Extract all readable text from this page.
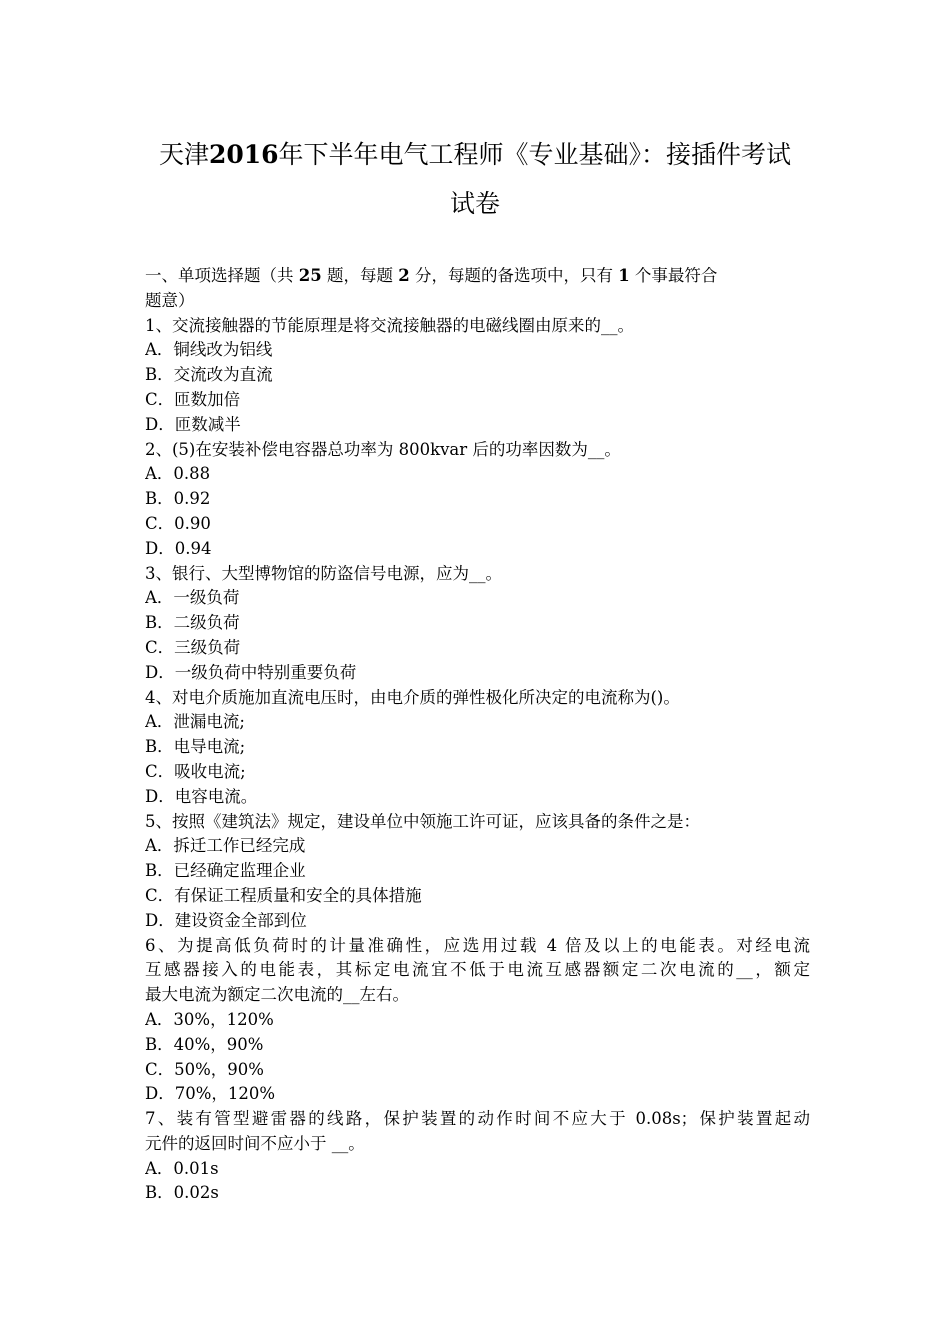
天津2016年下半年电气工程师《专业基础》：接插件考试
试卷
一、单项选择题（共 25 题，每题 2 分，每题的备选项中，只有 1 个事最符合
题意）
1、交流接触器的节能原理是将交流接触器的电磁线圈由原来的__。
A．铜线改为铝线
B．交流改为直流
C．匝数加倍
D．匝数减半
2、(5)在安装补偿电容器总功率为 800kvar 后的功率因数为__。
A．0.88
B．0.92
C．0.90
D．0.94
3、银行、大型博物馆的防盗信号电源，应为__。
A．一级负荷
B．二级负荷
C．三级负荷
D．一级负荷中特别重要负荷
4、对电介质施加直流电压时，由电介质的弹性极化所决定的电流称为()。
A．泄漏电流;
B．电导电流;
C．吸收电流;
D．电容电流。
5、按照《建筑法》规定，建设单位中领施工许可证，应该具备的条件之是：
A．拆迁工作已经完成
B．已经确定监理企业
C．有保证工程质量和安全的具体措施
D．建设资金全部到位
6、为提高低负荷时的计量准确性，应选用过载 4 倍及以上的电能表。对经电流
互感器接入的电能表，其标定电流宜不低于电流互感器额定二次电流的__，额定
最大电流为额定二次电流的__左右。
A．30%，120%
B．40%，90%
C．50%，90%
D．70%，120%
7、装有管型避雷器的线路，保护装置的动作时间不应大于 0.08s；保护装置起动
元件的返回时间不应小于 __。
A．0.01s
B．0.02s
